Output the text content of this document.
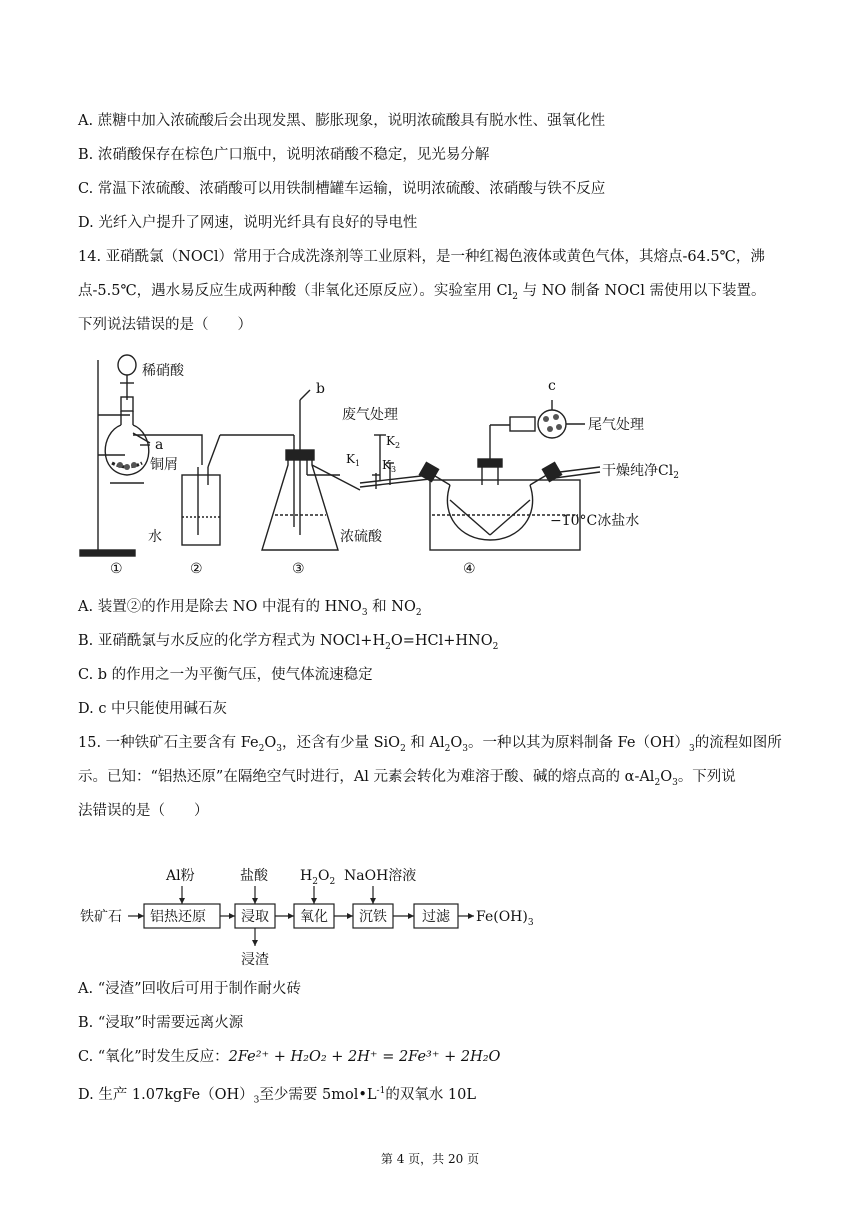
A. 蔗糖中加入浓硫酸后会出现发黑、膨胀现象，说明浓硫酸具有脱水性、强氧化性
B. 浓硝酸保存在棕色广口瓶中，说明浓硝酸不稳定，见光易分解
C. 常温下浓硫酸、浓硝酸可以用铁制槽罐车运输，说明浓硫酸、浓硝酸与铁不反应
D. 光纤入户提升了网速，说明光纤具有良好的导电性
14. 亚硝酰氯（NOCl）常用于合成洗涤剂等工业原料，是一种红褐色液体或黄色气体，其熔点-64.5℃，沸
点-5.5℃，遇水易反应生成两种酸（非氧化还原反应）。实验室用 $Cl_2$ 与 NO 制备 NOCl 需使用以下装置。
下列说法错误的是（　　）
稀硝酸
a
铜屑
水
b
废气处理
$K_2$
$K_1$ $K_3$
浓硫酸
c
尾气处理
干燥纯净$Cl_2$
−10°C冰盐水
①	②	③	④
A. 装置②的作用是除去 NO 中混有的 $HNO_3$ 和 $NO_2$
B. 亚硝酰氯与水反应的化学方程式为 $NOCl+H_2O=HCl+HNO_2$
C. b 的作用之一为平衡气压，使气体流速稳定
D. c 中只能使用碱石灰
15. 一种铁矿石主要含有 $Fe_2O_3$，还含有少量 SiO$_2$ 和 $Al_2O_3$。一种以其为原料制备 $Fe(OH)_3$的流程如图所
示。已知：“铝热还原”在隔绝空气时进行，Al 元素会转化为难溶于酸、碱的熔点高的 $\alpha-Al_2O_3$。下列说
法错误的是（　　）
铁矿石 铝热还原	浸取 氧化 沉铁	过滤 $Fe(OH)_3$
Al粉	盐酸 $H_2O_2$ NaOH溶液
浸渣
A. “浸渣”回收后可用于制作耐火砖
B. “浸取”时需要远离火源
C. “氧化”时发生反应：2Fe²⁺ + H₂O₂ + 2H⁺ = 2Fe³⁺ + 2H₂O
D. 生产 $1.07kgFe(OH)_3$至少需要 $5mol•L^{-1}$的双氧水 10L
第 4 页，共 20 页
